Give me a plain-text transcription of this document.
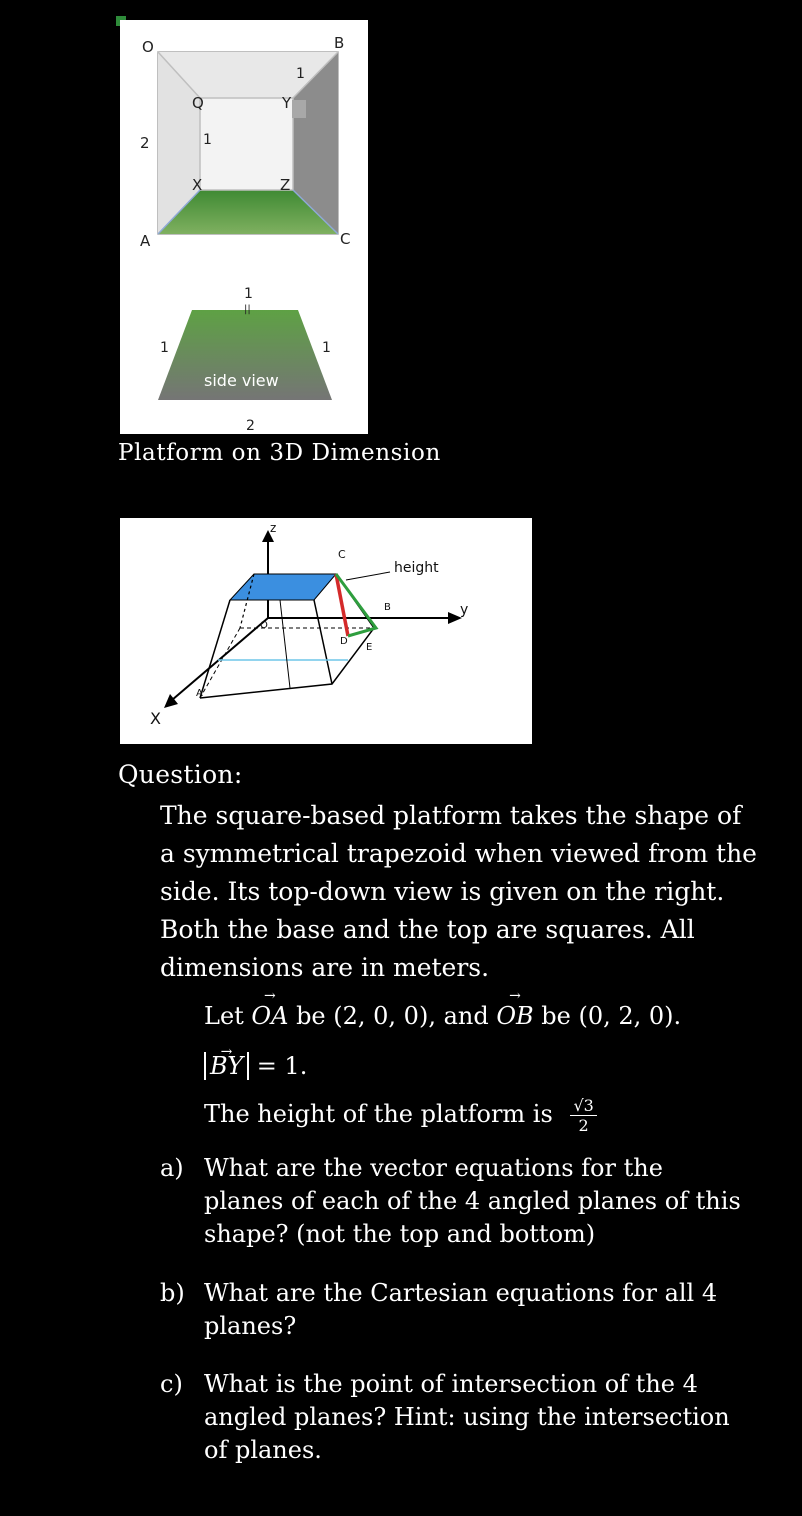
O	B
A	C
Q	Y
X	Z
1
1
2
side view
1
||
1	1
2
Platform on 3D Dimension
z
X
y
height
C
B
D
E
O
A
Question:
The square-based platform takes the shape of a symmetrical trapezoid when viewed from the side. Its top-down view is given on the right. Both the base and the top are squares. All dimensions are in meters.
Let → OA be (2, 0, 0), and → OB be (0, 2, 0).
→ BY = 1.
The height of the platform is $\frac{√3}{2}$
a) What are the vector equations for the planes of each of the 4 angled planes of this shape? (not the top and bottom)
b) What are the Cartesian equations for all 4 planes?
c) What is the point of intersection of the 4 angled planes? Hint: using the intersection of planes.
